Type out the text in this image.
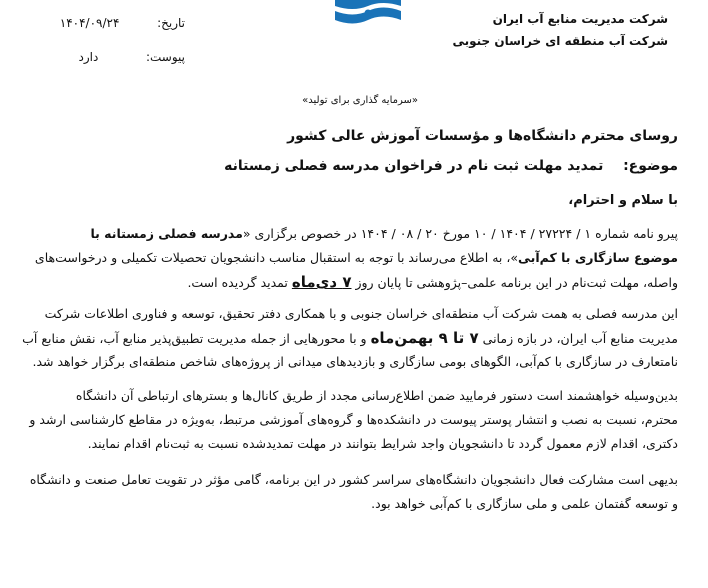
شرکت مدیریت منابع آب ایران
شرکت آب منطقه ای خراسان جنوبی
تاریخ:  ۱۴۰۴/۰۹/۲۴
پیوست:  دارد
«سرمایه گذاری برای تولید»
روسای محترم دانشگاه‌ها و مؤسسات آموزش عالی کشور
موضوع:  تمدید مهلت ثبت نام در فراخوان مدرسه فصلی زمستانه
با سلام و احترام،
پیرو نامه شماره ۱ / ۲۷۲۲۴ / ۱۴۰۴ / ۱۰ مورخ ۲۰ / ۰۸ / ۱۴۰۴ در خصوص برگزاری «مدرسه فصلی زمستانه با
موضوع سازگاری با کم‌آبی»، به اطلاع می‌رساند با توجه به استقبال مناسب دانشجویان تحصیلات تکمیلی و درخواست‌های
واصله، مهلت ثبت‌نام در این برنامه علمی–پژوهشی تا پایان روز ۷ دی‌ماه تمدید گردیده است.
این مدرسه فصلی به همت شرکت آب منطقه‌ای خراسان جنوبی و با همکاری دفتر تحقیق، توسعه و فناوری اطلاعات شرکت
مدیریت منابع آب ایران، در بازه زمانی ۷ تا ۹ بهمن‌ماه و با محورهایی از جمله مدیریت تطبیق‌پذیر منابع آب، نقش منابع آب
نامتعارف در سازگاری با کم‌آبی، الگوهای بومی سازگاری و بازدیدهای میدانی از پروژه‌های شاخص منطقه‌ای برگزار خواهد شد.
بدین‌وسیله خواهشمند است دستور فرمایید ضمن اطلاع‌رسانی مجدد از طریق کانال‌ها و بسترهای ارتباطی آن دانشگاه
محترم، نسبت به نصب و انتشار پوستر پیوست در دانشکده‌ها و گروه‌های آموزشی مرتبط، به‌ویژه در مقاطع کارشناسی ارشد و
دکتری، اقدام لازم معمول گردد تا دانشجویان واجد شرایط بتوانند در مهلت تمدیدشده نسبت به ثبت‌نام اقدام نمایند.
بدیهی است مشارکت فعال دانشجویان دانشگاه‌های سراسر کشور در این برنامه، گامی مؤثر در تقویت تعامل صنعت و دانشگاه
و توسعه گفتمان علمی و ملی سازگاری با کم‌آبی خواهد بود.
